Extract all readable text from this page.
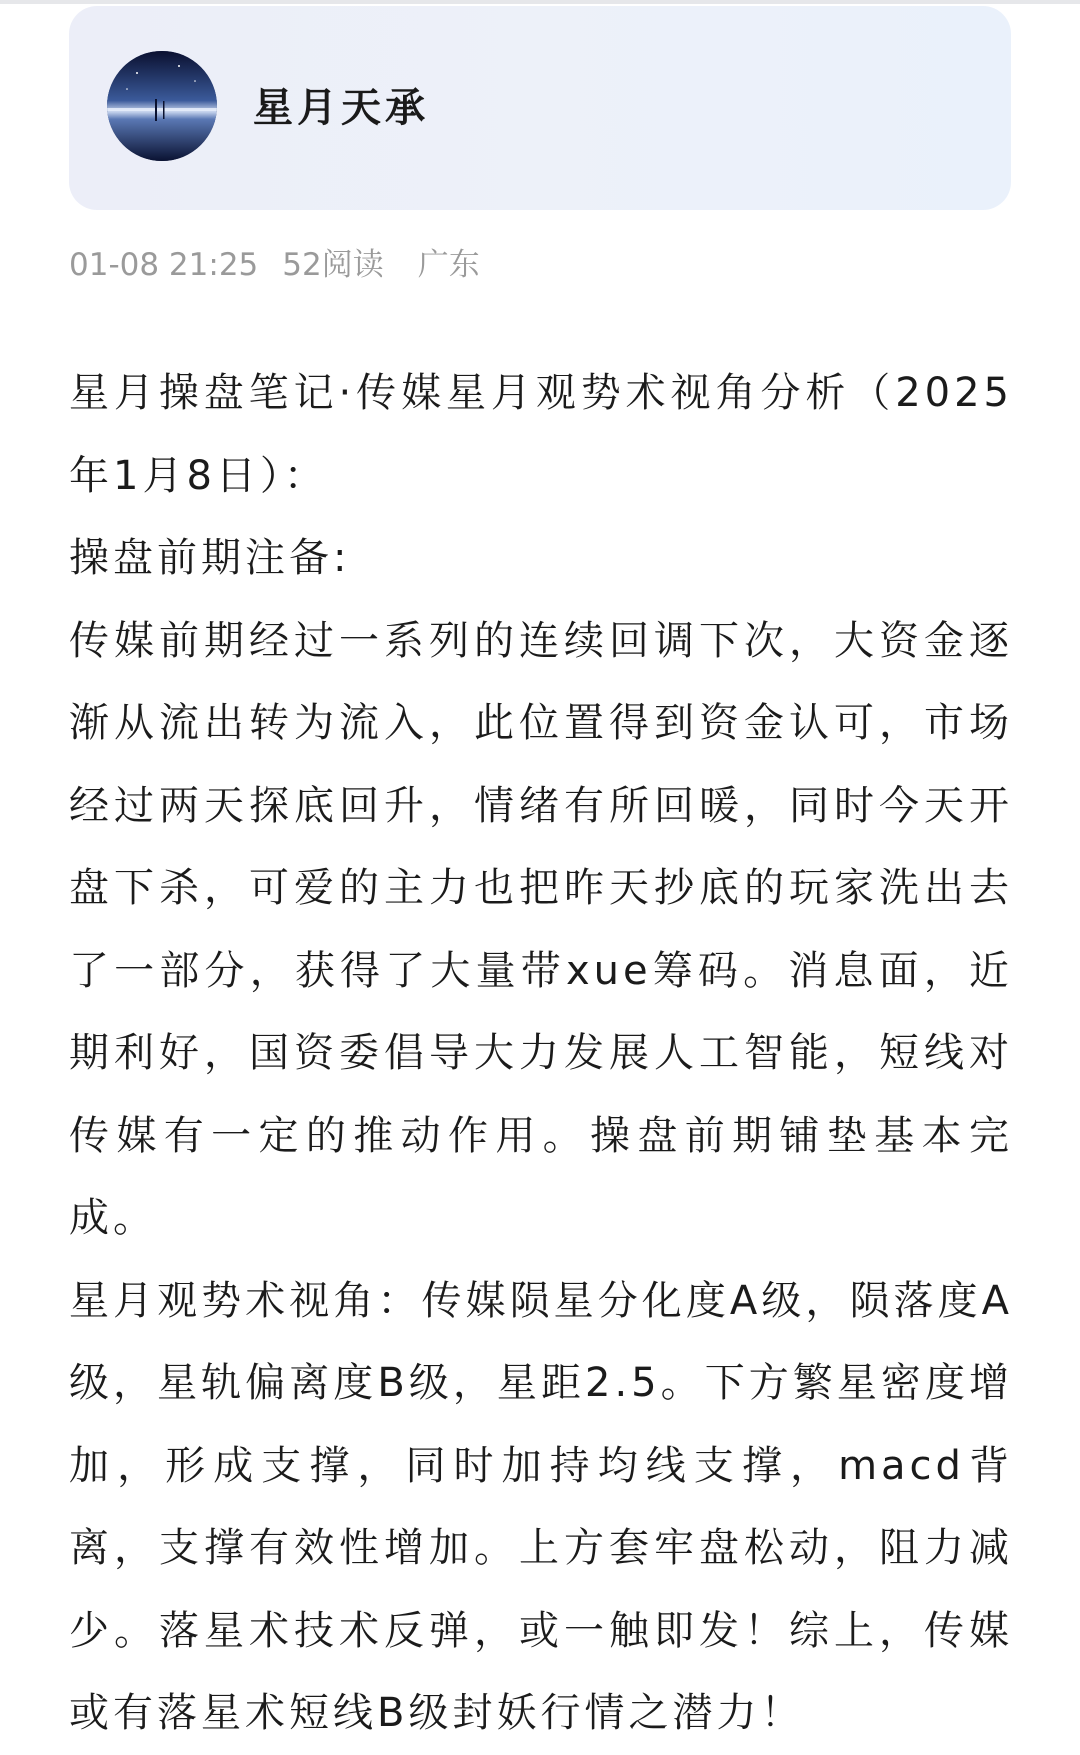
星月天承
01-08 21:25 52阅读 广东

星月操盘笔记·传媒星月观势术视角分析（2025年1月8日）：

操盘前期注备:

传媒前期经过一系列的连续回调下次，大资金逐渐从流出转为流入，此位置得到资金认可，市场经过两天探底回升，情绪有所回暖，同时今天开盘下杀，可爱的主力也把昨天抄底的玩家洗出去了一部分，获得了大量带xue筹码。消息面，近期利好，国资委倡导大力发展人工智能，短线对传媒有一定的推动作用。操盘前期铺垫基本完成。

星月观势术视角：传媒陨星分化度A级，陨落度A级，星轨偏离度B级，星距2.5。下方繁星密度增加，形成支撑，同时加持均线支撑，macd背离，支撑有效性增加。上方套牢盘松动，阻力减少。落星术技术反弹，或一触即发！综上，传媒或有落星术短线B级封妖行情之潜力！
